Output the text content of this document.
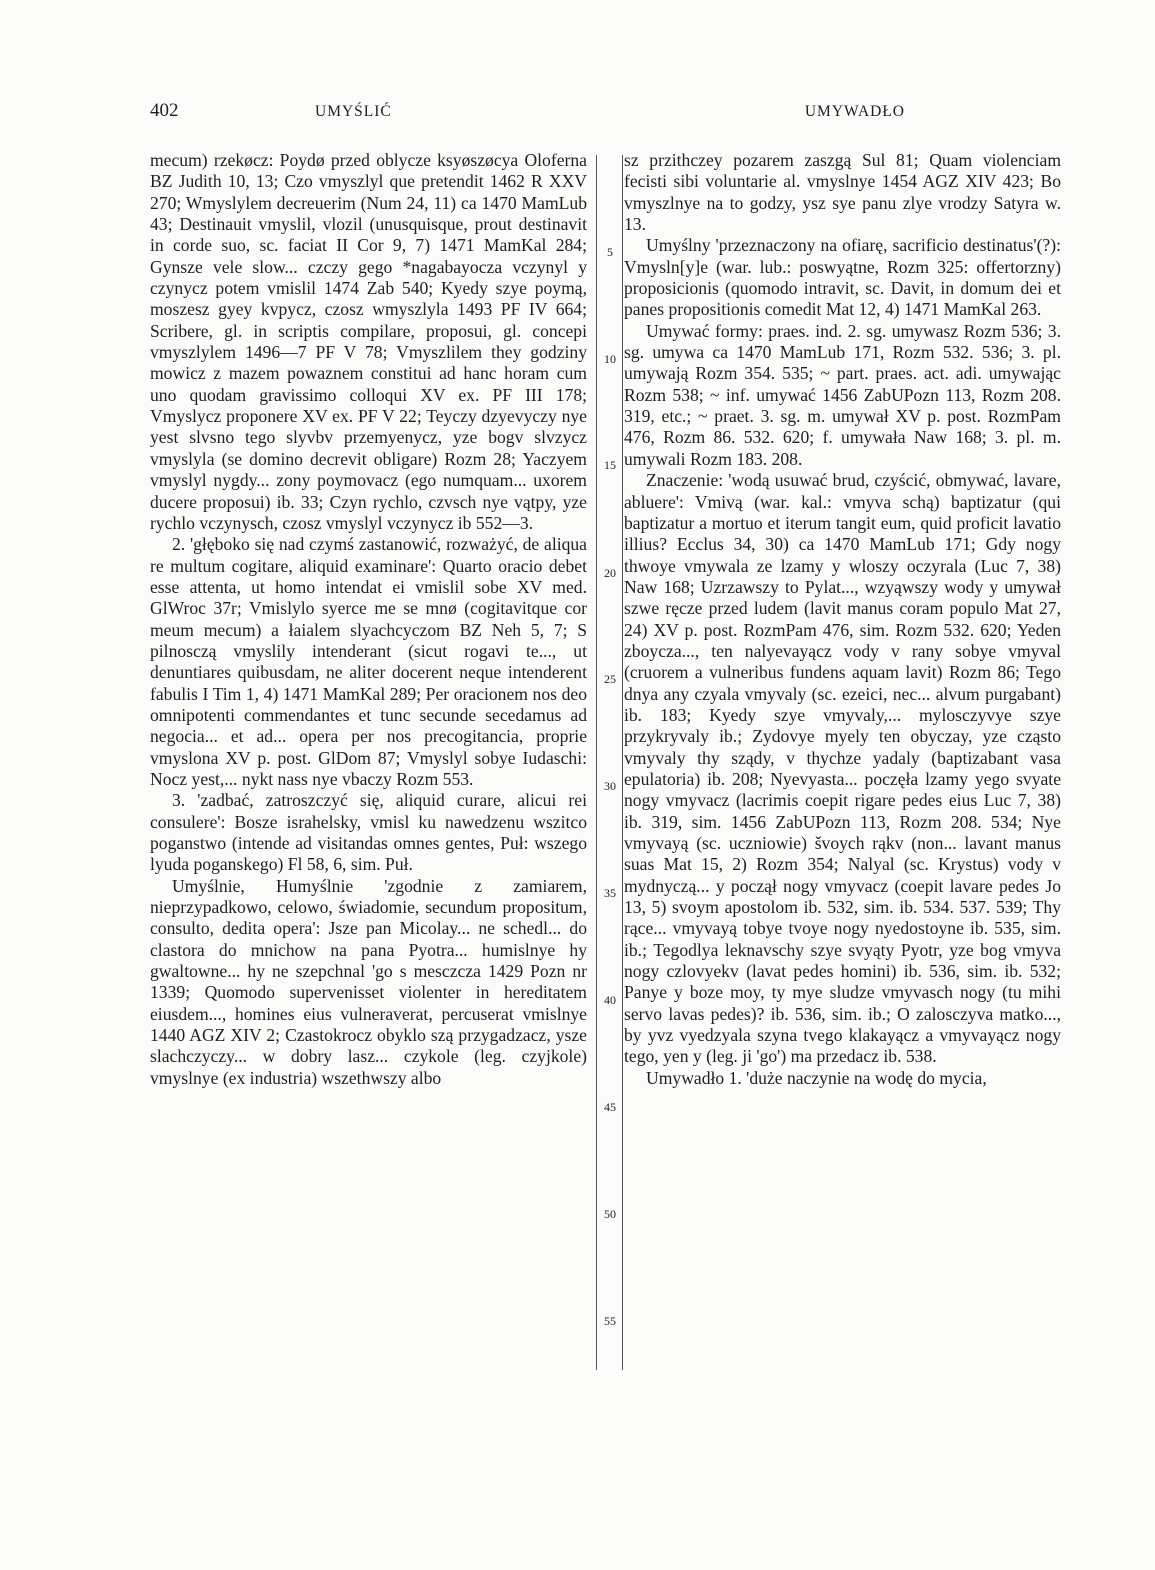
402	UMYŚLIĆ	UMYWADŁO

mecum) rzekøcz: Poydø przed oblycze ksyøszøcya Oloferna BZ Judith 10, 13; Czo vmyszlyl que pretendit 1462 R XXV 270; Wmyslylem decreuerim (Num 24, 11) ca 1470 MamLub 43; Destinauit vmyslil, vlozil (unusquisque, prout destinavit in corde suo, sc. faciat II Cor 9, 7) 1471 MamKal 284; Gynsze vele slow... czczy gego *nagabayocza vczynyl y czynycz potem vmislil 1474 Zab 540; Kyedy szye poymą, moszesz gyey kvpycz, czosz wmyszlyla 1493 PF IV 664; Scribere, gl. in scriptis compilare, proposui, gl. concepi vmyszlylem 1496—7 PF V 78; Vmyszlilem they godziny mowicz z mazem powaznem constitui ad hanc horam cum uno quodam gravissimo colloqui XV ex. PF III 178; Vmyslycz proponere XV ex. PF V 22; Teyczy dzyevyczy nye yest slvsno tego slyvbv przemyenycz, yze bogv slvzycz vmyslyla (se domino decrevit obligare) Rozm 28; Yaczyem vmyslyl nygdy... zony poymovacz (ego numquam... uxorem ducere proposui) ib. 33; Czyn rychlo, czvsch nye vątpy, yze rychlo vczynysch, czosz vmyslyl vczynycz ib 552—3.

2. 'głęboko się nad czymś zastanowić, rozważyć, de aliqua re multum cogitare, aliquid examinare': Quarto oracio debet esse attenta, ut homo intendat ei vmislil sobe XV med. GlWroc 37r; Vmislylo syerce me se mnø (cogitavitque cor meum mecum) a łaialem slyachcyczom BZ Neh 5, 7; S pilnosczą vmyslily intenderant (sicut rogavi te..., ut denuntiares quibusdam, ne aliter docerent neque intenderent fabulis I Tim 1, 4) 1471 MamKal 289; Per oracionem nos deo omnipotenti commendantes et tunc secunde secedamus ad negocia... et ad... opera per nos precogitancia, proprie vmyslona XV p. post. GlDom 87; Vmyslyl sobye Iudaschi: Nocz yest,... nykt nass nye vbaczy Rozm 553.

3. 'zadbać, zatroszczyć się, aliquid curare, alicui rei consulere': Bosze israhelsky, vmisl ku nawedzenu wszitco poganstwo (intende ad visitandas omnes gentes, Puł: wszego lyuda poganskego) Fl 58, 6, sim. Puł.

Umyślnie, Humyślnie 'zgodnie z zamiarem, nieprzypadkowo, celowo, świadomie, secundum propositum, consulto, dedita opera': Jsze pan Micolay... ne schedl... do clastora do mnichow na pana Pyotra... humislnye hy gwaltowne... hy ne szepchnal 'go s mesczcza 1429 Pozn nr 1339; Quomodo supervenisset violenter in hereditatem eiusdem..., homines eius vulneraverat, percuserat vmislnye 1440 AGZ XIV 2; Czastokrocz obyklo szą przygadzacz, ysze slachczyczy... w dobry lasz... czykole (leg. czyjkole) vmyslnye (ex industria) wszethwszy albo

5
10
15
20
25
30
35
40
45
50
55

sz przithczey pozarem zaszgą Sul 81; Quam violenciam fecisti sibi voluntarie al. vmyslnye 1454 AGZ XIV 423; Bo vmyszlnye na to godzy, ysz sye panu zlye vrodzy Satyra w. 13.

Umyślny 'przeznaczony na ofiarę, sacrificio destinatus'(?): Vmysln[y]e (war. lub.: poswyątne, Rozm 325: offertorzny) proposicionis (quomodo intravit, sc. Davit, in domum dei et panes propositionis comedit Mat 12, 4) 1471 MamKal 263.

Umywać formy: praes. ind. 2. sg. umywasz Rozm 536; 3. sg. umywa ca 1470 MamLub 171, Rozm 532. 536; 3. pl. umywają Rozm 354. 535; ~ part. praes. act. adi. umywając Rozm 538; ~ inf. umywać 1456 ZabUPozn 113, Rozm 208. 319, etc.; ~ praet. 3. sg. m. umywał XV p. post. RozmPam 476, Rozm 86. 532. 620; f. umywała Naw 168; 3. pl. m. umywali Rozm 183. 208.

Znaczenie: 'wodą usuwać brud, czyścić, obmywać, lavare, abluere': Vmivą (war. kal.: vmyva schą) baptizatur (qui baptizatur a mortuo et iterum tangit eum, quid proficit lavatio illius? Ecclus 34, 30) ca 1470 MamLub 171; Gdy nogy thwoye vmywala ze lzamy y wloszy oczyrala (Luc 7, 38) Naw 168; Uzrzawszy to Pylat..., wzyąwszy wody y umywał szwe ręcze przed ludem (lavit manus coram populo Mat 27, 24) XV p. post. RozmPam 476, sim. Rozm 532. 620; Yeden zboycza..., ten nalyevayącz vody v rany sobye vmyval (cruorem a vulneribus fundens aquam lavit) Rozm 86; Tego dnya any czyala vmyvaly (sc. ezeici, nec... alvum purgabant) ib. 183; Kyedy szye vmyvaly,... mylosczyvye szye przykryvaly ib.; Zydovye myely ten obyczay, yze cząsto vmyvaly thy sządy, v thychze yadaly (baptizabant vasa epulatoria) ib. 208; Nyevyasta... poczęła lzamy yego svyate nogy vmyvacz (lacrimis coepit rigare pedes eius Luc 7, 38) ib. 319, sim. 1456 ZabUPozn 113, Rozm 208. 534; Nye vmyvayą (sc. uczniowie) švoych rąkv (non... lavant manus suas Mat 15, 2) Rozm 354; Nalyal (sc. Krystus) vody v mydnyczą... y począł nogy vmyvacz (coepit lavare pedes Jo 13, 5) svoym apostolom ib. 532, sim. ib. 534. 537. 539; Thy rące... vmyvayą tobye tvoye nogy nyedostoyne ib. 535, sim. ib.; Tegodlya leknavschy szye svyąty Pyotr, yze bog vmyva nogy czlovyekv (lavat pedes homini) ib. 536, sim. ib. 532; Panye y boze moy, ty mye sludze vmyvasch nogy (tu mihi servo lavas pedes)? ib. 536, sim. ib.; O zalosczyva matko..., by yvz vyedzyala szyna tvego klakayącz a vmyvayącz nogy tego, yen y (leg. ji 'go') ma przedacz ib. 538.

Umywadło 1. 'duże naczynie na wodę do mycia,
